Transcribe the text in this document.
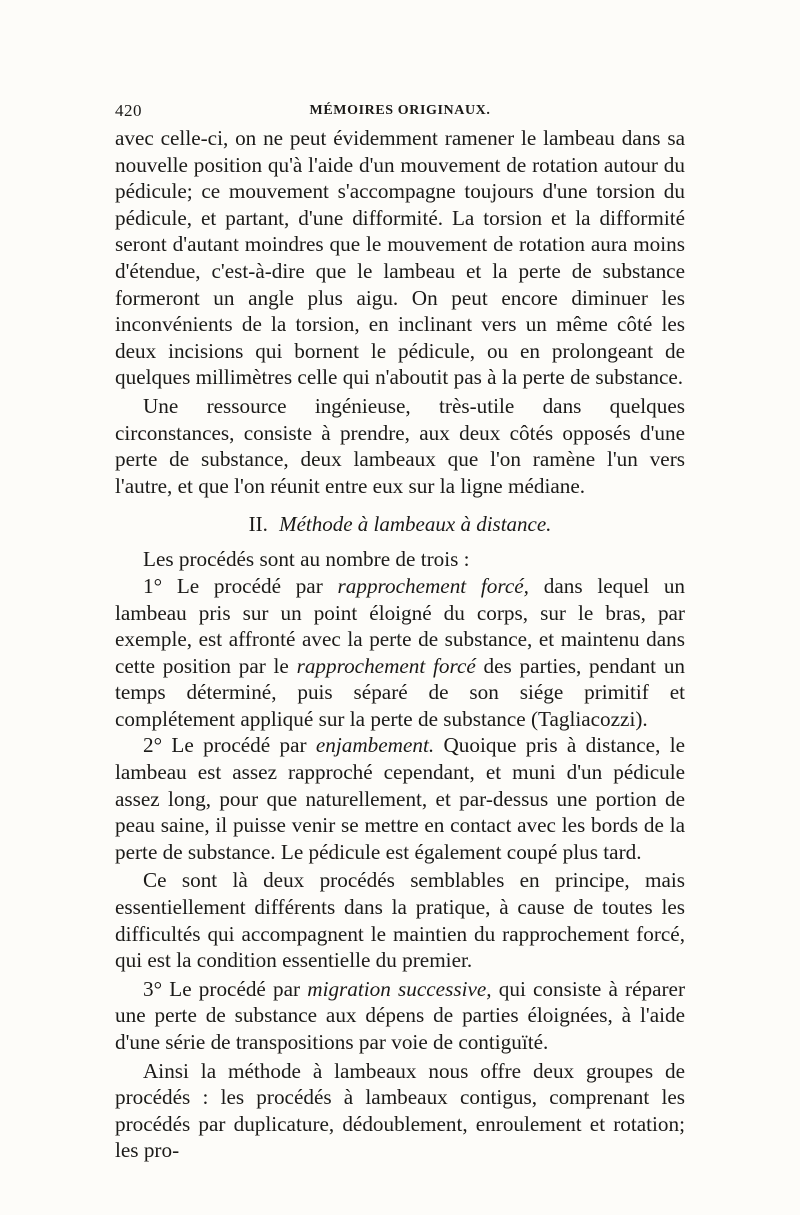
420	MÉMOIRES ORIGINAUX.

avec celle-ci, on ne peut évidemment ramener le lambeau dans sa nouvelle position qu'à l'aide d'un mouvement de rotation autour du pédicule; ce mouvement s'accompagne toujours d'une torsion du pédicule, et partant, d'une difformité. La torsion et la difformité seront d'autant moindres que le mouvement de rotation aura moins d'étendue, c'est-à-dire que le lambeau et la perte de substance formeront un angle plus aigu. On peut encore diminuer les inconvénients de la torsion, en inclinant vers un même côté les deux incisions qui bornent le pédicule, ou en prolongeant de quelques millimètres celle qui n'aboutit pas à la perte de substance.

Une ressource ingénieuse, très-utile dans quelques circonstances, consiste à prendre, aux deux côtés opposés d'une perte de substance, deux lambeaux que l'on ramène l'un vers l'autre, et que l'on réunit entre eux sur la ligne médiane.

II. Méthode à lambeaux à distance.

Les procédés sont au nombre de trois :

1° Le procédé par rapprochement forcé, dans lequel un lambeau pris sur un point éloigné du corps, sur le bras, par exemple, est affronté avec la perte de substance, et maintenu dans cette position par le rapprochement forcé des parties, pendant un temps déterminé, puis séparé de son siége primitif et complétement appliqué sur la perte de substance (Tagliacozzi).

2° Le procédé par enjambement. Quoique pris à distance, le lambeau est assez rapproché cependant, et muni d'un pédicule assez long, pour que naturellement, et par-dessus une portion de peau saine, il puisse venir se mettre en contact avec les bords de la perte de substance. Le pédicule est également coupé plus tard.

Ce sont là deux procédés semblables en principe, mais essentiellement différents dans la pratique, à cause de toutes les difficultés qui accompagnent le maintien du rapprochement forcé, qui est la condition essentielle du premier.

3° Le procédé par migration successive, qui consiste à réparer une perte de substance aux dépens de parties éloignées, à l'aide d'une série de transpositions par voie de contiguïté.

Ainsi la méthode à lambeaux nous offre deux groupes de procédés : les procédés à lambeaux contigus, comprenant les procédés par duplicature, dédoublement, enroulement et rotation; les pro-
